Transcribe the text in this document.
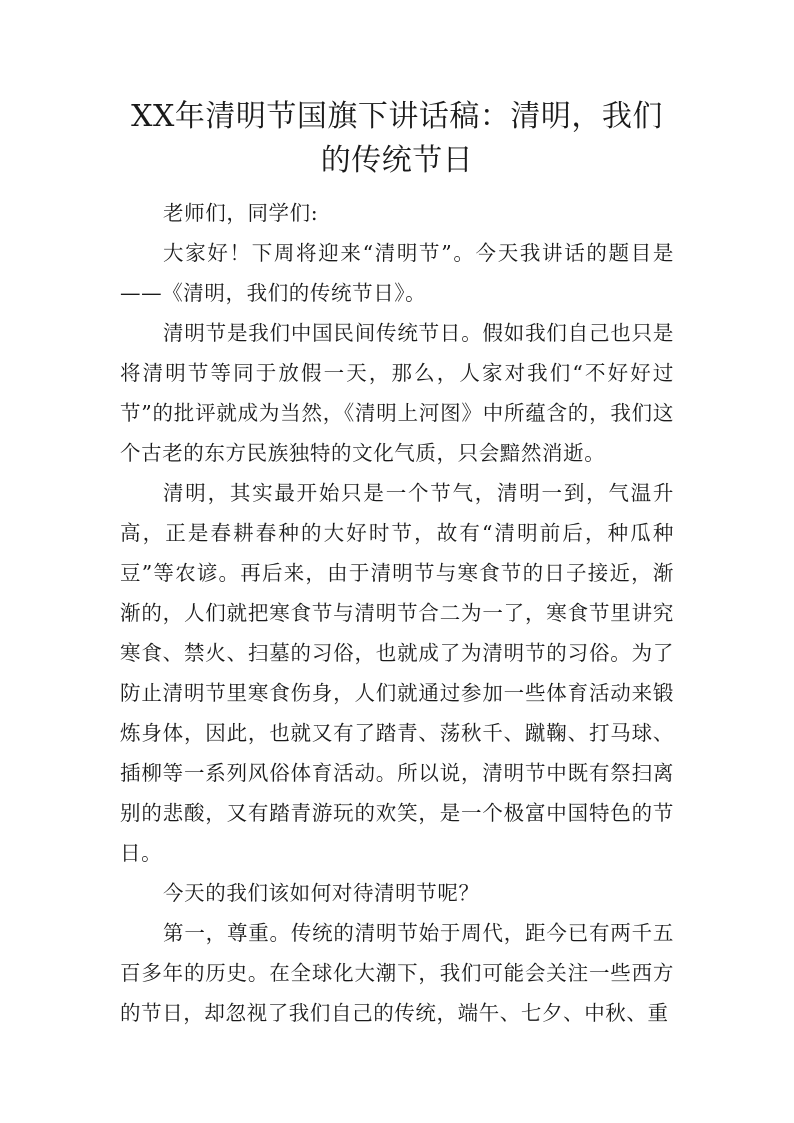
XX年清明节国旗下讲话稿：清明，我们的传统节日

老师们，同学们:

大家好！下周将迎来“清明节”。今天我讲话的题目是——《清明，我们的传统节日》。

清明节是我们中国民间传统节日。假如我们自己也只是将清明节等同于放假一天，那么，人家对我们“不好好过节”的批评就成为当然，《清明上河图》中所蕴含的，我们这个古老的东方民族独特的文化气质，只会黯然消逝。

清明，其实最开始只是一个节气，清明一到，气温升高，正是春耕春种的大好时节，故有“清明前后，种瓜种豆”等农谚。再后来，由于清明节与寒食节的日子接近，渐渐的，人们就把寒食节与清明节合二为一了，寒食节里讲究寒食、禁火、扫墓的习俗，也就成了为清明节的习俗。为了防止清明节里寒食伤身，人们就通过参加一些体育活动来锻炼身体，因此，也就又有了踏青、荡秋千、蹴鞠、打马球、插柳等一系列风俗体育活动。所以说，清明节中既有祭扫离别的悲酸，又有踏青游玩的欢笑，是一个极富中国特色的节日。

今天的我们该如何对待清明节呢？

第一，尊重。传统的清明节始于周代，距今已有两千五百多年的历史。在全球化大潮下，我们可能会关注一些西方的节日，却忽视了我们自己的传统，端午、七夕、中秋、重
